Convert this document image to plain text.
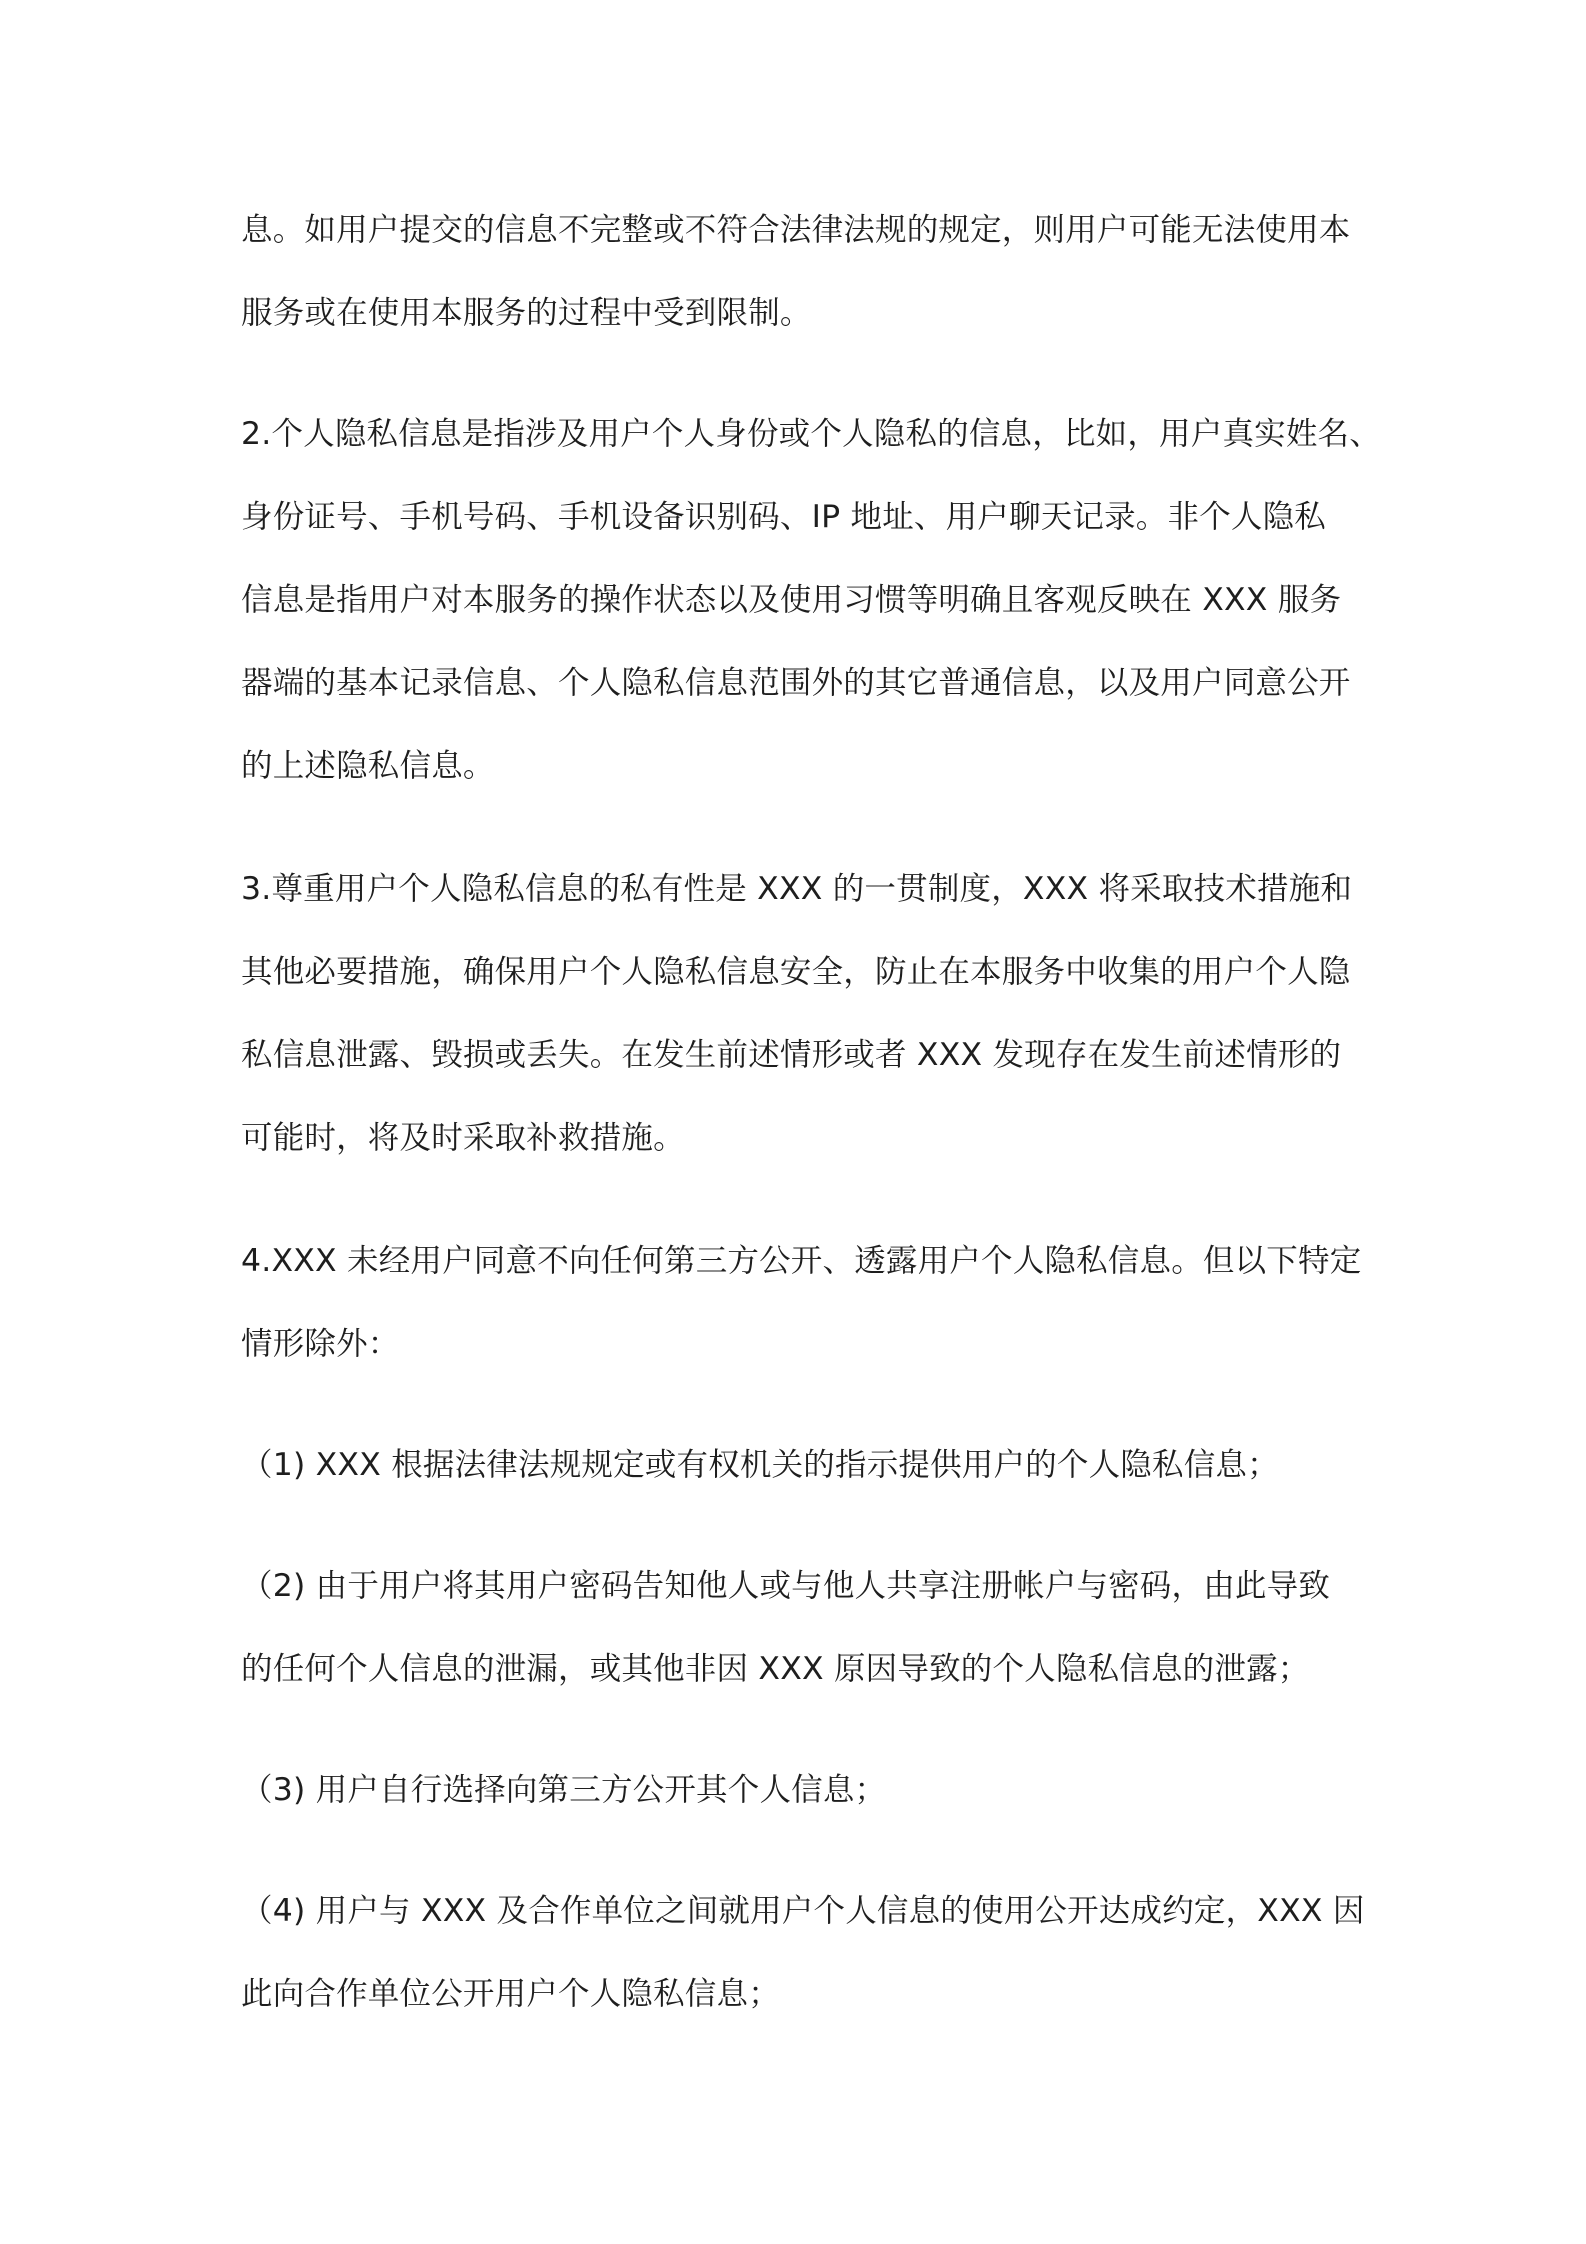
息。如用户提交的信息不完整或不符合法律法规的规定，则用户可能无法使用本
服务或在使用本服务的过程中受到限制。
2.个人隐私信息是指涉及用户个人身份或个人隐私的信息，比如，用户真实姓名、
身份证号、手机号码、手机设备识别码、IP 地址、用户聊天记录。非个人隐私
信息是指用户对本服务的操作状态以及使用习惯等明确且客观反映在 XXX 服务
器端的基本记录信息、个人隐私信息范围外的其它普通信息，以及用户同意公开
的上述隐私信息。
3.尊重用户个人隐私信息的私有性是 XXX 的一贯制度，XXX 将采取技术措施和
其他必要措施，确保用户个人隐私信息安全，防止在本服务中收集的用户个人隐
私信息泄露、毁损或丢失。在发生前述情形或者 XXX 发现存在发生前述情形的
可能时，将及时采取补救措施。
4.XXX 未经用户同意不向任何第三方公开、透露用户个人隐私信息。但以下特定
情形除外：
（1) XXX 根据法律法规规定或有权机关的指示提供用户的个人隐私信息；
（2) 由于用户将其用户密码告知他人或与他人共享注册帐户与密码，由此导致
的任何个人信息的泄漏，或其他非因 XXX 原因导致的个人隐私信息的泄露；
（3) 用户自行选择向第三方公开其个人信息；
（4) 用户与 XXX 及合作单位之间就用户个人信息的使用公开达成约定，XXX 因
此向合作单位公开用户个人隐私信息；
